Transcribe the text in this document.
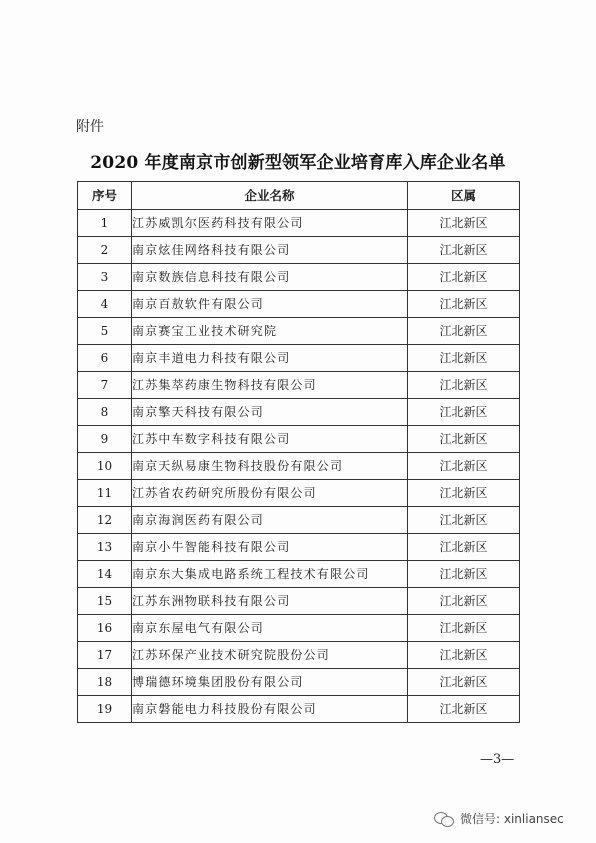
附件
2020 年度南京市创新型领军企业培育库入库企业名单
序号	企业名称	区属
1	江苏威凯尔医药科技有限公司	江北新区
2	南京炫佳网络科技有限公司	江北新区
3	南京数族信息科技有限公司	江北新区
4	南京百敖软件有限公司	江北新区
5	南京赛宝工业技术研究院	江北新区
6	南京丰道电力科技有限公司	江北新区
7	江苏集萃药康生物科技有限公司	江北新区
8	南京擎天科技有限公司	江北新区
9	江苏中车数字科技有限公司	江北新区
10	南京天纵易康生物科技股份有限公司	江北新区
11	江苏省农药研究所股份有限公司	江北新区
12	南京海润医药有限公司	江北新区
13	南京小牛智能科技有限公司	江北新区
14	南京东大集成电路系统工程技术有限公司	江北新区
15	江苏东洲物联科技有限公司	江北新区
16	南京东屋电气有限公司	江北新区
17	江苏环保产业技术研究院股份公司	江北新区
18	博瑞德环境集团股份有限公司	江北新区
19	南京磐能电力科技股份有限公司	江北新区
—3—
微信号: xinliansec
